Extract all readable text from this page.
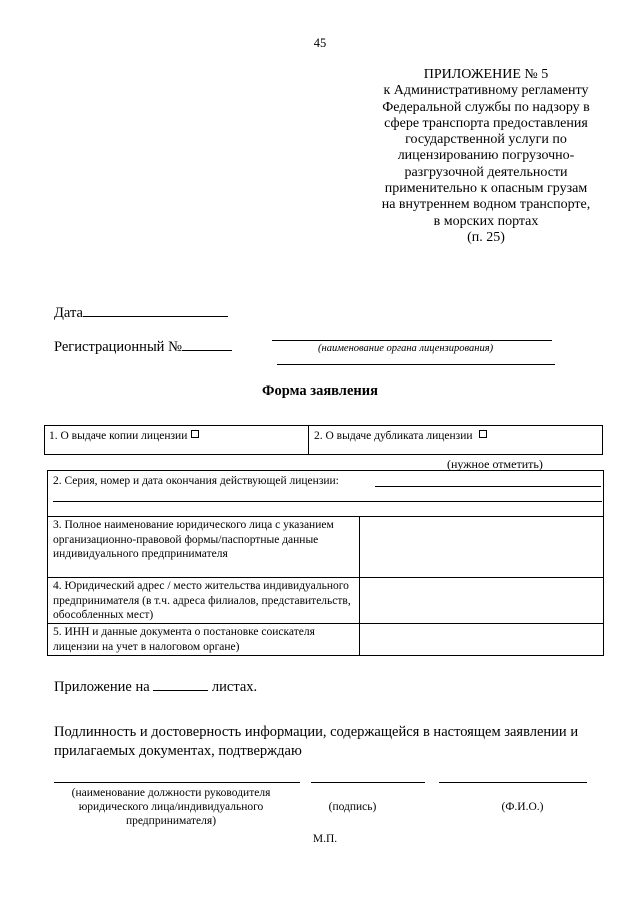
45
ПРИЛОЖЕНИЕ № 5
к Административному регламенту
Федеральной службы по надзору в
сфере транспорта предоставления
государственной услуги по
лицензированию погрузочно-
разгрузочной деятельности
применительно к опасным грузам
на внутреннем водном транспорте,
в морских портах
(п. 25)
Дата
Регистрационный №	(наименование органа лицензирования)
Форма заявления
1. О выдаче копии лицензии	2. О выдаче дубликата лицензии
(нужное отметить)
2. Серия, номер и дата окончания действующей лицензии:
3. Полное наименование юридического лица с указанием организационно-правовой формы/паспортные данные индивидуального предпринимателя
4. Юридический адрес / место жительства индивидуального предпринимателя (в т.ч. адреса филиалов, представительств, обособленных мест)
5. ИНН и данные документа о постановке соискателя лицензии на учет в налоговом органе)
Приложение на	листах.
Подлинность и достоверность информации, содержащейся в настоящем заявлении и прилагаемых документах, подтверждаю
(наименование должности руководителя юридического лица/индивидуального предпринимателя)
(подпись)	(Ф.И.О.)
М.П.
